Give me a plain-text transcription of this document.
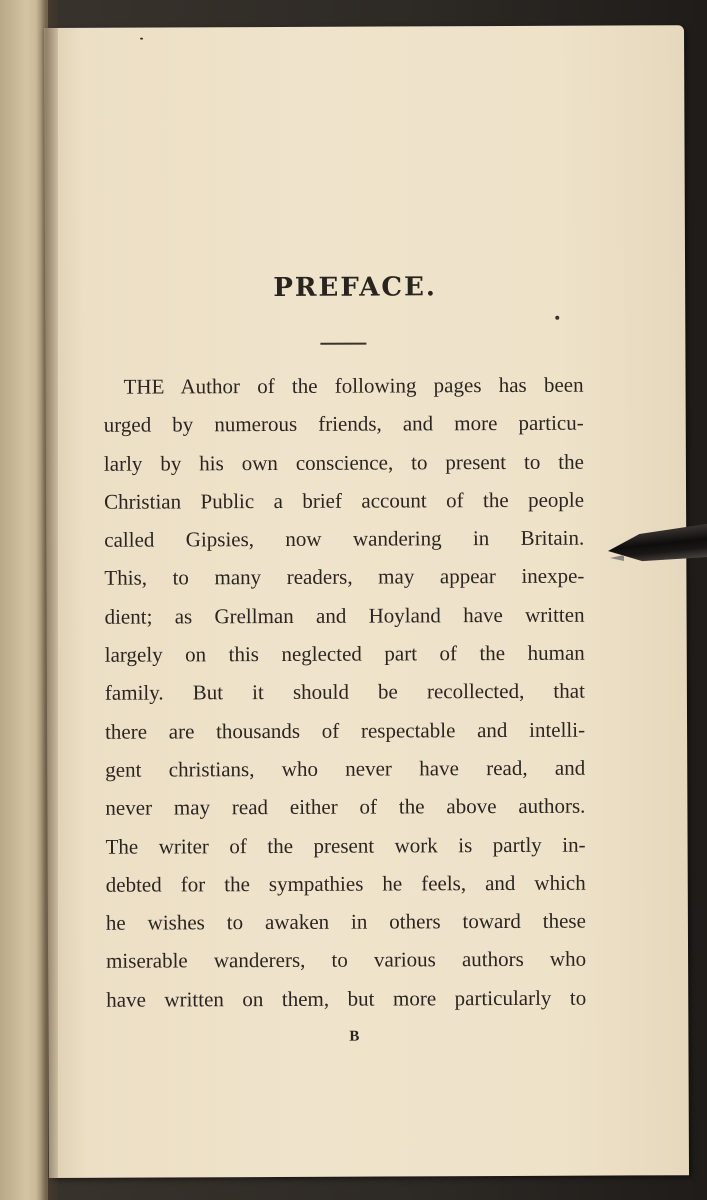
PREFACE.
THE Author of the following pages has been
urged by numerous friends, and more particu-
larly by his own conscience, to present to the
Christian Public a brief account of the people
called Gipsies, now wandering in Britain.
This, to many readers, may appear inexpe-
dient; as Grellman and Hoyland have written
largely on this neglected part of the human
family. But it should be recollected, that
there are thousands of respectable and intelli-
gent christians, who never have read, and
never may read either of the above authors.
The writer of the present work is partly in-
debted for the sympathies he feels, and which
he wishes to awaken in others toward these
miserable wanderers, to various authors who
have written on them, but more particularly to
B
